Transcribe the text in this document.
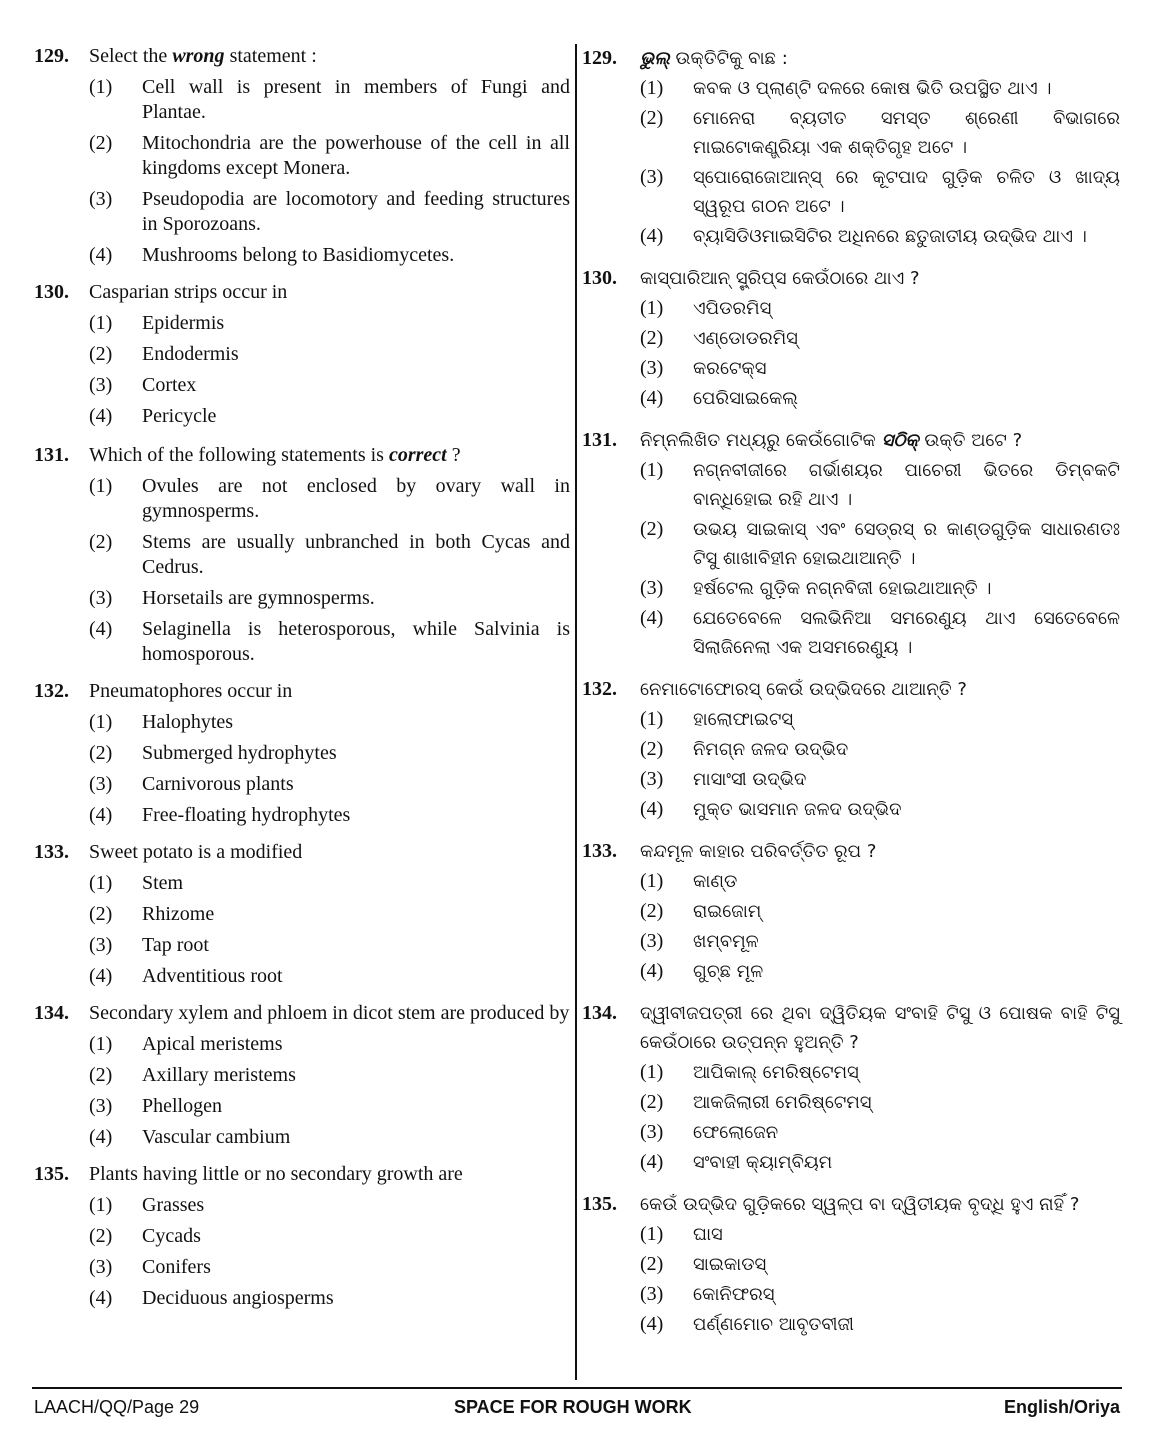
129.	Select the wrong statement :
(1)	Cell wall is present in members of Fungi and Plantae.
(2)	Mitochondria are the powerhouse of the cell in all kingdoms except Monera.
(3)	Pseudopodia are locomotory and feeding structures in Sporozoans.
(4)	Mushrooms belong to Basidiomycetes.
130.	Casparian strips occur in
(1)	Epidermis
(2)	Endodermis
(3)	Cortex
(4)	Pericycle
131.	Which of the following statements is correct ?
(1)	Ovules are not enclosed by ovary wall in gymnosperms.
(2)	Stems are usually unbranched in both Cycas and Cedrus.
(3)	Horsetails are gymnosperms.
(4)	Selaginella is heterosporous, while Salvinia is homosporous.
132.	Pneumatophores occur in
(1)	Halophytes
(2)	Submerged hydrophytes
(3)	Carnivorous plants
(4)	Free-floating hydrophytes
133.	Sweet potato is a modified
(1)	Stem
(2)	Rhizome
(3)	Tap root
(4)	Adventitious root
134.	Secondary xylem and phloem in dicot stem are produced by
(1)	Apical meristems
(2)	Axillary meristems
(3)	Phellogen
(4)	Vascular cambium
135.	Plants having little or no secondary growth are
(1)	Grasses
(2)	Cycads
(3)	Conifers
(4)	Deciduous angiosperms
129.	ଭୁଲ୍ ଉକ୍ତିଟିକୁ ବାଛ :
(1)	କବକ ଓ ପ୍ଲାଣ୍ଟି ଦଳରେ କୋଷ ଭିତି ଉପସ୍ଥିତ ଥାଏ ।
(2)	ମୋନେରା ବ୍ୟତୀତ ସମସ୍ତ ଶ୍ରେଣୀ ବିଭାଗରେ ମାଇଟୋକଣ୍ଡ୍ରିୟା ଏକ ଶକ୍ତିଗୃହ ଅଟେ ।
(3)	ସ୍ପୋରୋଜୋଆନ୍ସ୍ ରେ କୂଟପାଦ ଗୁଡ଼ିକ ଚଳିତ ଓ ଖାଦ୍ୟ ସ୍ୱରୂପ ଗଠନ ଅଟେ ।
(4)	ବ୍ୟାସିଡିଓମାଇସିଟିର ଅଧିନରେ ଛତୁଜାତୀୟ ଉଦ୍ଭିଦ ଥାଏ ।
130.	କାସ୍ପାରିଆନ୍ ସ୍ଟ୍ରିପ୍ସ କେଉଁଠାରେ ଥାଏ ?
(1)	ଏପିଡରମିସ୍
(2)	ଏଣ୍ଡୋଡରମିସ୍
(3)	କରଟେକ୍ସ
(4)	ପେରିସାଇକେଲ୍
131.	ନିମ୍ନଲିଖିତ ମଧ୍ୟରୁ କେଉଁଗୋଟିକ ସଠିକ୍ ଉକ୍ତି ଅଟେ ?
(1)	ନଗ୍ନବୀଜୀରେ ଗର୍ଭାଶୟର ପାଚେରୀ ଭିତରେ ଡିମ୍ବକଟି ବାନ୍ଧିହୋଇ ରହି ଥାଏ ।
(2)	ଉଭୟ ସାଇକାସ୍ ଏବଂ ସେଡ୍ରସ୍ ର କାଣ୍ଡଗୁଡ଼ିକ ସାଧାରଣତଃ ଟିସୁ ଶାଖାବିହୀନ ହୋଇଥାଆନ୍ତି ।
(3)	ହର୍ଷଟେଲ ଗୁଡ଼ିକ ନଗ୍ନବିଜୀ ହୋଇଥାଆନ୍ତି ।
(4)	ଯେତେବେଳେ ସଲଭିନିଆ ସମରେଣୁୟ ଥାଏ ସେତେବେଳେ ସିଲାଜିନେଲା ଏକ ଅସମରେଣୁୟ ।
132.	ନେମାଟୋଫୋରସ୍ କେଉଁ ଉଦ୍ଭିଦରେ ଥାଆନ୍ତି ?
(1)	ହାଲୋଫାଇଟସ୍
(2)	ନିମଗ୍ନ ଜଳଦ ଉଦ୍ଭିଦ
(3)	ମାସାଂସୀ ଉଦ୍ଭିଦ
(4)	ମୁକ୍ତ ଭାସମାନ ଜଳଦ ଉଦ୍ଭିଦ
133.	କନ୍ଦମୂଳ କାହାର ପରିବର୍ତ୍ତିତ ରୂପ ?
(1)	କାଣ୍ଡ
(2)	ରାଇଜୋମ୍
(3)	ଖମ୍ବମୂଳ
(4)	ଗୁଚ୍ଛ ମୂଳ
134.	ଦ୍ୱୀବୀଜପତ୍ରୀ ରେ ଥିବା ଦ୍ୱିତିୟକ ସଂବାହି ଟିସୁ ଓ ପୋଷକ ବାହି ଟିସୁ କେଉଁଠାରେ ଉତ୍ପନ୍ନ ହୁଅନ୍ତି ?
(1)	ଆପିକାଲ୍ ମେରିଷ୍ଟେମସ୍
(2)	ଆକଜିଲାରୀ ମେରିଷ୍ଟେମସ୍
(3)	ଫେଲୋଜେନ
(4)	ସଂବାହୀ କ୍ୟାମ୍ବିୟମ
135.	କେଉଁ ଉଦ୍ଭିଦ ଗୁଡ଼ିକରେ ସ୍ୱଳ୍ପ ବା ଦ୍ୱିତୀୟକ ବୃଦ୍ଧି ହୁଏ ନାହିଁ ?
(1)	ଘାସ
(2)	ସାଇକାଡସ୍
(3)	କୋନିଫରସ୍
(4)	ପର୍ଣ୍ଣମୋଚ ଆବୃତବୀଜୀ
LAACH/QQ/Page 29	SPACE FOR ROUGH WORK	English/Oriya
